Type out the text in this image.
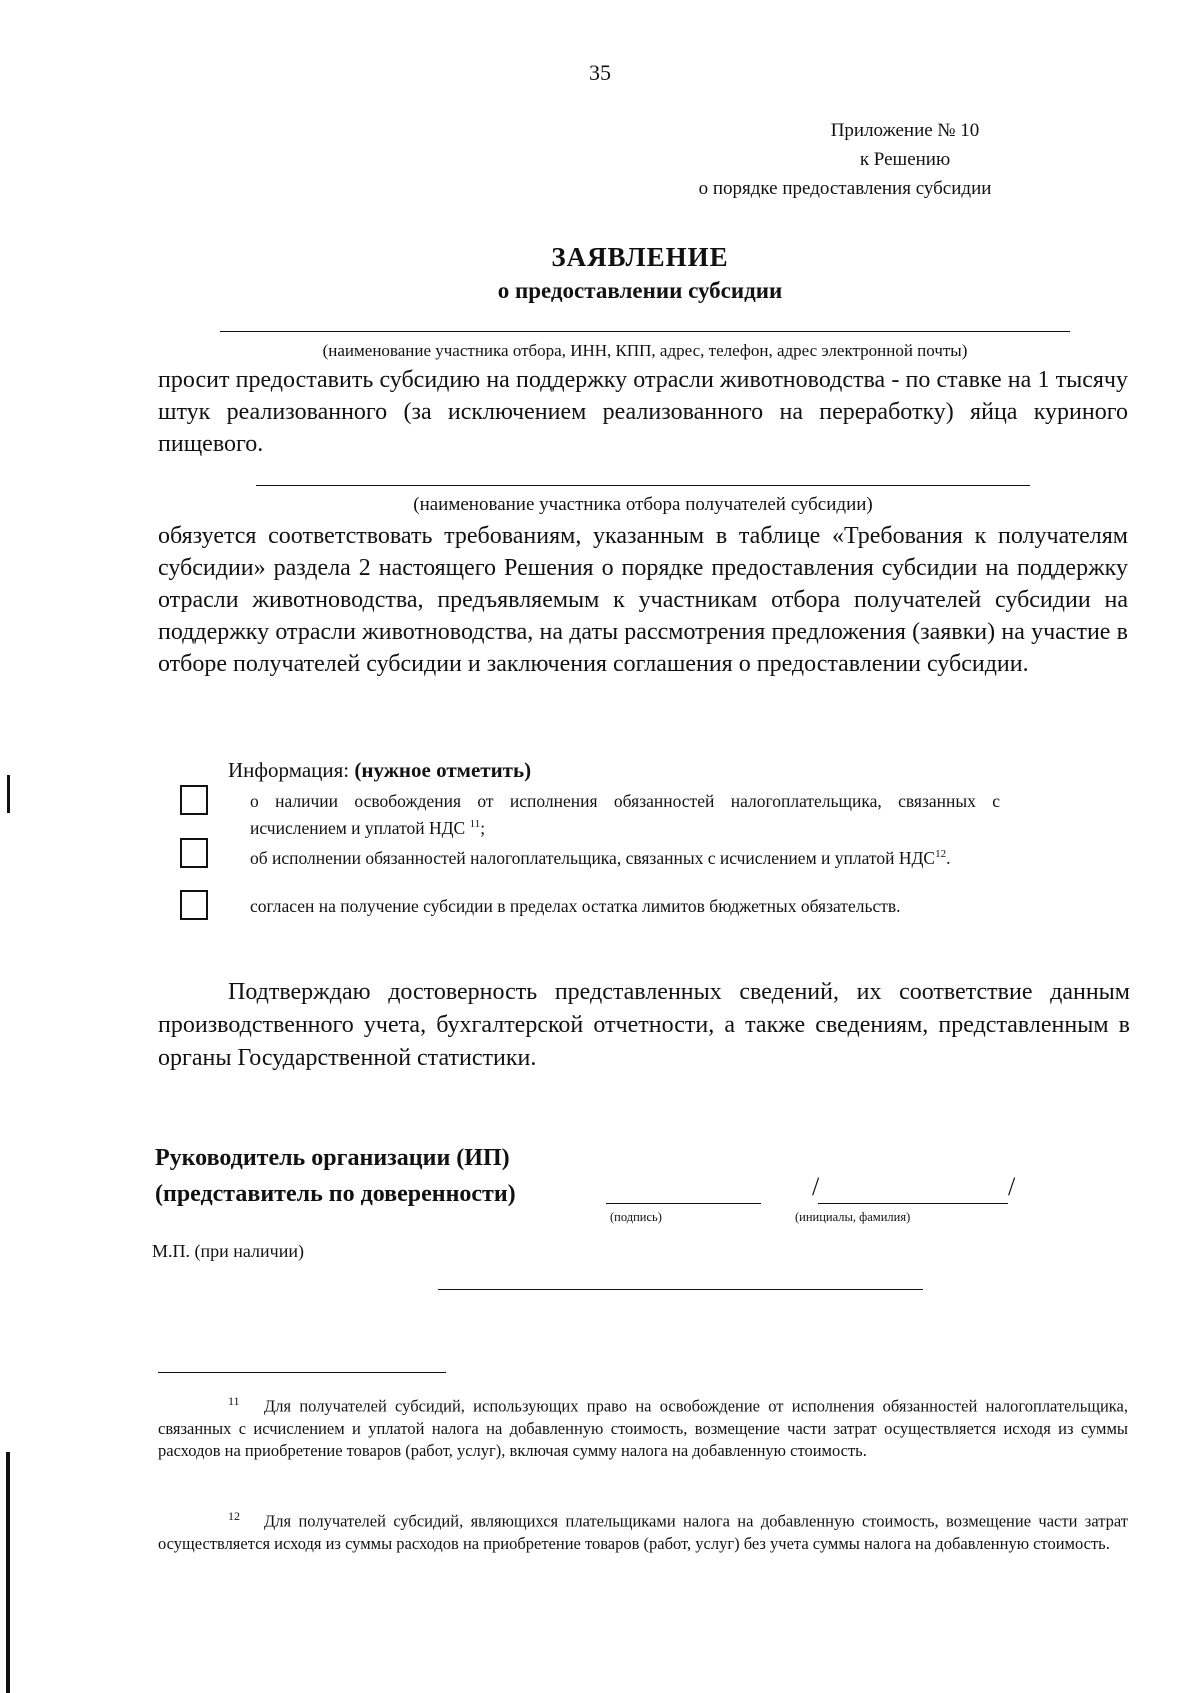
35
Приложение № 10
к Решению
о порядке предоставления субсидии
ЗАЯВЛЕНИЕ
о предоставлении субсидии
(наименование участника отбора, ИНН, КПП, адрес, телефон, адрес электронной почты)

просит предоставить субсидию на поддержку отрасли животноводства - по ставке на 1 тысячу штук реализованного (за исключением реализованного на переработку) яйца куриного пищевого.

(наименование участника отбора получателей субсидии)

обязуется соответствовать требованиям, указанным в таблице «Требования к получателям субсидии» раздела 2 настоящего Решения о порядке предоставления субсидии на поддержку отрасли животноводства, предъявляемым к участникам отбора получателей субсидии на поддержку отрасли животноводства, на даты рассмотрения предложения (заявки) на участие в отборе получателей субсидии и заключения соглашения о предоставлении субсидии.

Информация: (нужное отметить)
о наличии освобождения от исполнения обязанностей налогоплательщика, связанных с исчислением и уплатой НДС $^{11}$;
об исполнении обязанностей налогоплательщика, связанных с исчислением и уплатой НДС$^{12}$.
согласен на получение субсидии в пределах остатка лимитов бюджетных обязательств.
Подтверждаю достоверность представленных сведений, их соответствие данным производственного учета, бухгалтерской отчетности, а также сведениям, представленным в органы Государственной статистики.
Руководитель организации (ИП)
(представитель по доверенности)
(подпись)
/	/
(инициалы, фамилия)
М.П. (при наличии)
11 Для получателей субсидий, использующих право на освобождение от исполнения обязанностей налогоплательщика, связанных с исчислением и уплатой налога на добавленную стоимость, возмещение части затрат осуществляется исходя из суммы расходов на приобретение товаров (работ, услуг), включая сумму налога на добавленную стоимость.
12 Для получателей субсидий, являющихся плательщиками налога на добавленную стоимость, возмещение части затрат осуществляется исходя из суммы расходов на приобретение товаров (работ, услуг) без учета суммы налога на добавленную стоимость.
